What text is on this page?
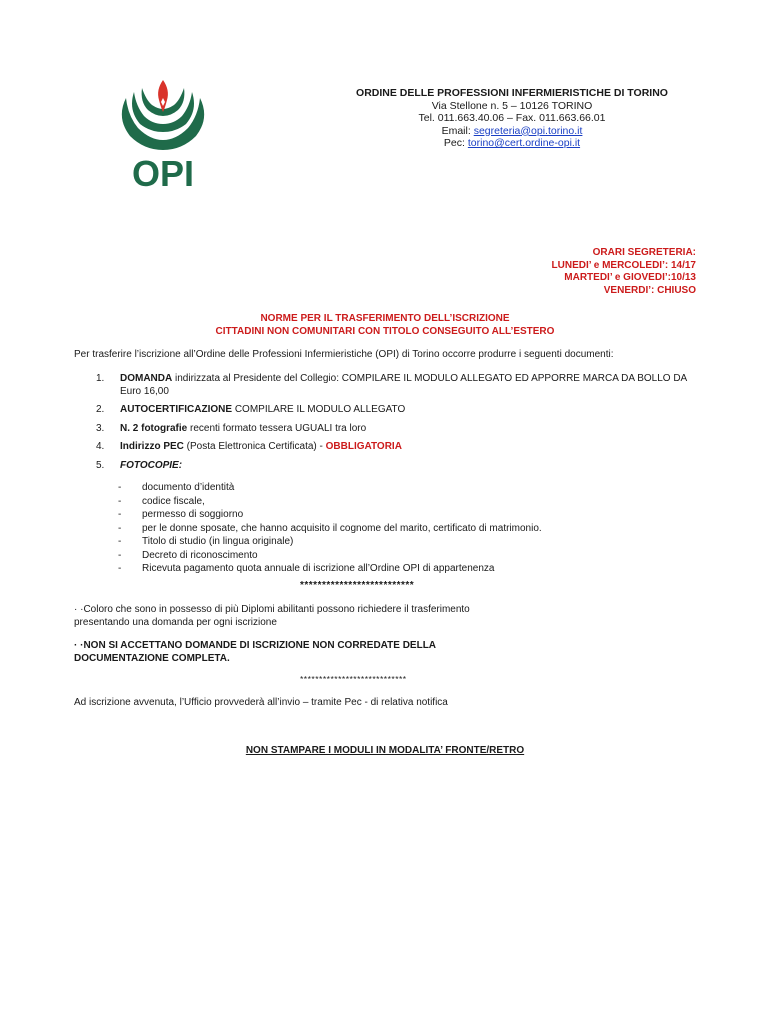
OPI
ORDINE DELLE PROFESSIONI INFERMIERISTICHE DI TORINO
Via Stellone n. 5 – 10126 TORINO
Tel. 011.663.40.06 – Fax. 011.663.66.01
Email: segreteria@opi.torino.it
Pec: torino@cert.ordine-opi.it
ORARI SEGRETERIA:
LUNEDI’ e MERCOLEDI’: 14/17
MARTEDI’ e GIOVEDI’:10/13
VENERDI’: CHIUSO
NORME PER IL TRASFERIMENTO DELL’ISCRIZIONE
CITTADINI NON COMUNITARI CON TITOLO CONSEGUITO ALL’ESTERO
Per trasferire l’iscrizione all’Ordine delle Professioni Infermieristiche (OPI) di Torino occorre produrre i seguenti documenti:
1. DOMANDA indirizzata al Presidente del Collegio: COMPILARE IL MODULO ALLEGATO ED APPORRE MARCA DA BOLLO DA Euro 16,00
2. AUTOCERTIFICAZIONE COMPILARE IL MODULO ALLEGATO
3. N. 2 fotografie recenti formato tessera UGUALI tra loro
4. Indirizzo PEC (Posta Elettronica Certificata) - OBBLIGATORIA
5. FOTOCOPIE:
- documento d’identità
- codice fiscale,
- permesso di soggiorno
- per le donne sposate, che hanno acquisito il cognome del marito, certificato di matrimonio.
- Titolo di studio (in lingua originale)
- Decreto di riconoscimento
- Ricevuta pagamento quota annuale di iscrizione all’Ordine OPI di appartenenza
**************************
· ·Coloro che sono in possesso di più Diplomi abilitanti possono richiedere il trasferimento presentando una domanda per ogni iscrizione
· ·NON SI ACCETTANO DOMANDE DI ISCRIZIONE NON CORREDATE DELLA DOCUMENTAZIONE COMPLETA.
****************************
Ad iscrizione avvenuta, l’Ufficio provvederà all’invio – tramite Pec - di relativa notifica
NON STAMPARE I MODULI IN MODALITA’ FRONTE/RETRO
